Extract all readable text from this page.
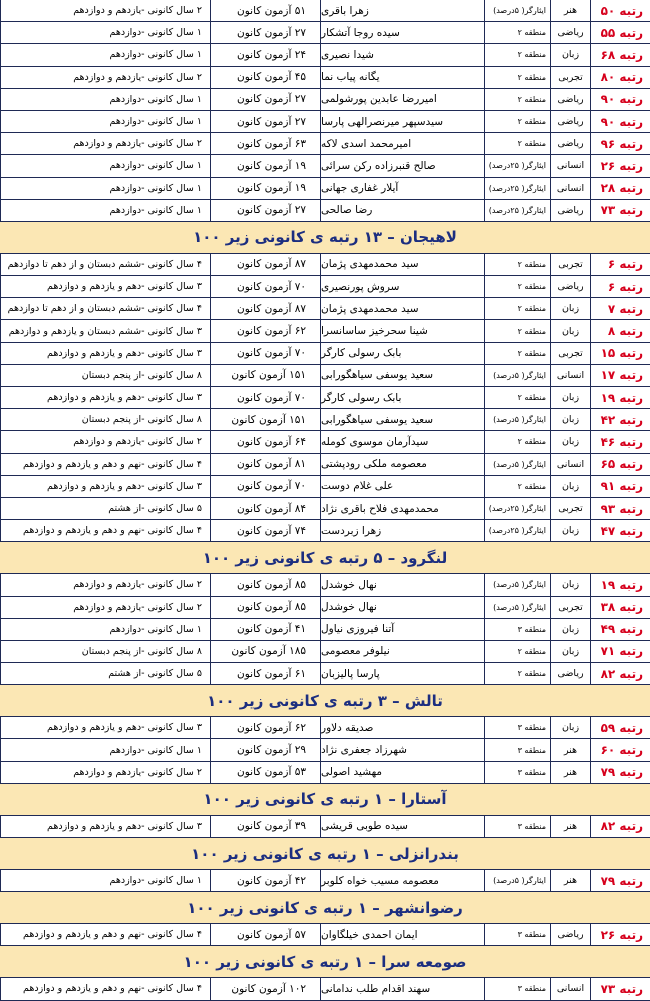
رتبه ۵۰
هنر
ایثارگر( ۵درصد)
زهرا باقری
۵۱ آزمون کانون
۲ سال کانونی -یازدهم و دوازدهم
رتبه ۵۵
ریاضی
منطقه ۲
سیده روجا آتشکار
۲۷ آزمون کانون
۱ سال کانونی -دوازدهم
رتبه ۶۸
زبان
منطقه ۲
شیدا نصیری
۲۴ آزمون کانون
۱ سال کانونی -دوازدهم
رتبه ۸۰
تجربی
منطقه ۲
یگانه پیاب نما
۴۵ آزمون کانون
۲ سال کانونی -یازدهم و دوازدهم
رتبه ۹۰
ریاضی
منطقه ۲
امیررضا عابدین پورشولمی
۲۷ آزمون کانون
۱ سال کانونی -دوازدهم
رتبه ۹۰
ریاضی
منطقه ۲
سیدسپهر میرنصرالهی پارسا
۲۷ آزمون کانون
۱ سال کانونی -دوازدهم
رتبه ۹۶
ریاضی
منطقه ۲
امیرمحمد اسدی لاکه
۶۳ آزمون کانون
۲ سال کانونی -یازدهم و دوازدهم
رتبه ۲۶
انسانی
ایثارگر( ۲۵درصد)
صالح قنبرزاده رکن سرائی
۱۹ آزمون کانون
۱ سال کانونی -دوازدهم
رتبه ۲۸
انسانی
ایثارگر( ۲۵درصد)
آیلار غفاری جهانی
۱۹ آزمون کانون
۱ سال کانونی -دوازدهم
رتبه ۷۳
ریاضی
ایثارگر( ۲۵درصد)
رضا صالحی
۲۷ آزمون کانون
۱ سال کانونی -دوازدهم
لاهیجان – ۱۳ رتبه ی کانونی زیر ۱۰۰
رتبه ۶
تجربی
منطقه ۲
سید محمدمهدی پژمان
۸۷ آزمون کانون
۴ سال کانونی -ششم دبستان و از دهم تا دوازدهم
رتبه ۶
ریاضی
منطقه ۲
سروش پورنصیری
۷۰ آزمون کانون
۳ سال کانونی -دهم و یازدهم و دوازدهم
رتبه ۷
زبان
منطقه ۲
سید محمدمهدی پژمان
۸۷ آزمون کانون
۴ سال کانونی -ششم دبستان و از دهم تا دوازدهم
رتبه ۸
زبان
منطقه ۲
شینا سحرخیز ساسانسرا
۶۲ آزمون کانون
۳ سال کانونی -ششم دبستان و یازدهم و دوازدهم
رتبه ۱۵
تجربی
منطقه ۲
بابک رسولی کارگر
۷۰ آزمون کانون
۳ سال کانونی -دهم و یازدهم و دوازدهم
رتبه ۱۷
انسانی
ایثارگر( ۵درصد)
سعید یوسفی سیاهگورابی
۱۵۱ آزمون کانون
۸ سال کانونی -از پنجم دبستان
رتبه ۱۹
زبان
منطقه ۲
بابک رسولی کارگر
۷۰ آزمون کانون
۳ سال کانونی -دهم و یازدهم و دوازدهم
رتبه ۴۲
زبان
ایثارگر( ۵درصد)
سعید یوسفی سیاهگورابی
۱۵۱ آزمون کانون
۸ سال کانونی -از پنجم دبستان
رتبه ۴۶
زبان
منطقه ۲
سیدآرمان موسوی کومله
۶۴ آزمون کانون
۲ سال کانونی -یازدهم و دوازدهم
رتبه ۶۵
انسانی
ایثارگر( ۵درصد)
معصومه ملکی رودپشتی
۸۱ آزمون کانون
۴ سال کانونی -نهم و دهم و یازدهم و دوازدهم
رتبه ۹۱
زبان
منطقه ۲
علی غلام دوست
۷۰ آزمون کانون
۳ سال کانونی -دهم و یازدهم و دوازدهم
رتبه ۹۳
تجربی
ایثارگر( ۲۵درصد)
محمدمهدی فلاح باقری نژاد
۸۴ آزمون کانون
۵ سال کانونی -از هشتم
رتبه ۴۷
زبان
ایثارگر( ۲۵درصد)
زهرا زبردست
۷۴ آزمون کانون
۴ سال کانونی -نهم و دهم و یازدهم و دوازدهم
لنگرود – ۵ رتبه ی کانونی زیر ۱۰۰
رتبه ۱۹
زبان
ایثارگر( ۵درصد)
نهال خوشدل
۸۵ آزمون کانون
۲ سال کانونی -یازدهم و دوازدهم
رتبه ۳۸
تجربی
ایثارگر( ۵درصد)
نهال خوشدل
۸۵ آزمون کانون
۲ سال کانونی -یازدهم و دوازدهم
رتبه ۴۹
زبان
منطقه ۳
آتنا فیروزی نیاول
۴۱ آزمون کانون
۱ سال کانونی -دوازدهم
رتبه ۷۱
زبان
منطقه ۲
نیلوفر معصومی
۱۸۵ آزمون کانون
۸ سال کانونی -از پنجم دبستان
رتبه ۸۲
ریاضی
منطقه ۲
پارسا پالیزبان
۶۱ آزمون کانون
۵ سال کانونی -از هشتم
تالش – ۳ رتبه ی کانونی زیر ۱۰۰
رتبه ۵۹
زبان
منطقه ۳
صدیقه دلاور
۶۲ آزمون کانون
۳ سال کانونی -دهم و یازدهم و دوازدهم
رتبه ۶۰
هنر
منطقه ۳
شهرزاد جعفری نژاد
۲۹ آزمون کانون
۱ سال کانونی -دوازدهم
رتبه ۷۹
هنر
منطقه ۳
مهشید اصولی
۵۳ آزمون کانون
۲ سال کانونی -یازدهم و دوازدهم
آستارا – ۱ رتبه ی کانونی زیر ۱۰۰
رتبه ۸۲
هنر
منطقه ۳
سیده طوبی قریشی
۳۹ آزمون کانون
۳ سال کانونی -دهم و یازدهم و دوازدهم
بندرانزلی – ۱ رتبه ی کانونی زیر ۱۰۰
رتبه ۷۹
هنر
ایثارگر( ۵درصد)
معصومه مسیب خواه کلوبر
۴۲ آزمون کانون
۱ سال کانونی -دوازدهم
رضوانشهر – ۱ رتبه ی کانونی زیر ۱۰۰
رتبه ۲۶
ریاضی
منطقه ۳
ایمان احمدی خیلگاوان
۵۷ آزمون کانون
۴ سال کانونی -نهم و دهم و یازدهم و دوازدهم
صومعه سرا – ۱ رتبه ی کانونی زیر ۱۰۰
رتبه ۷۳
انسانی
منطقه ۳
سهند اقدام طلب ندامانی
۱۰۲ آزمون کانون
۴ سال کانونی -نهم و دهم و یازدهم و دوازدهم
